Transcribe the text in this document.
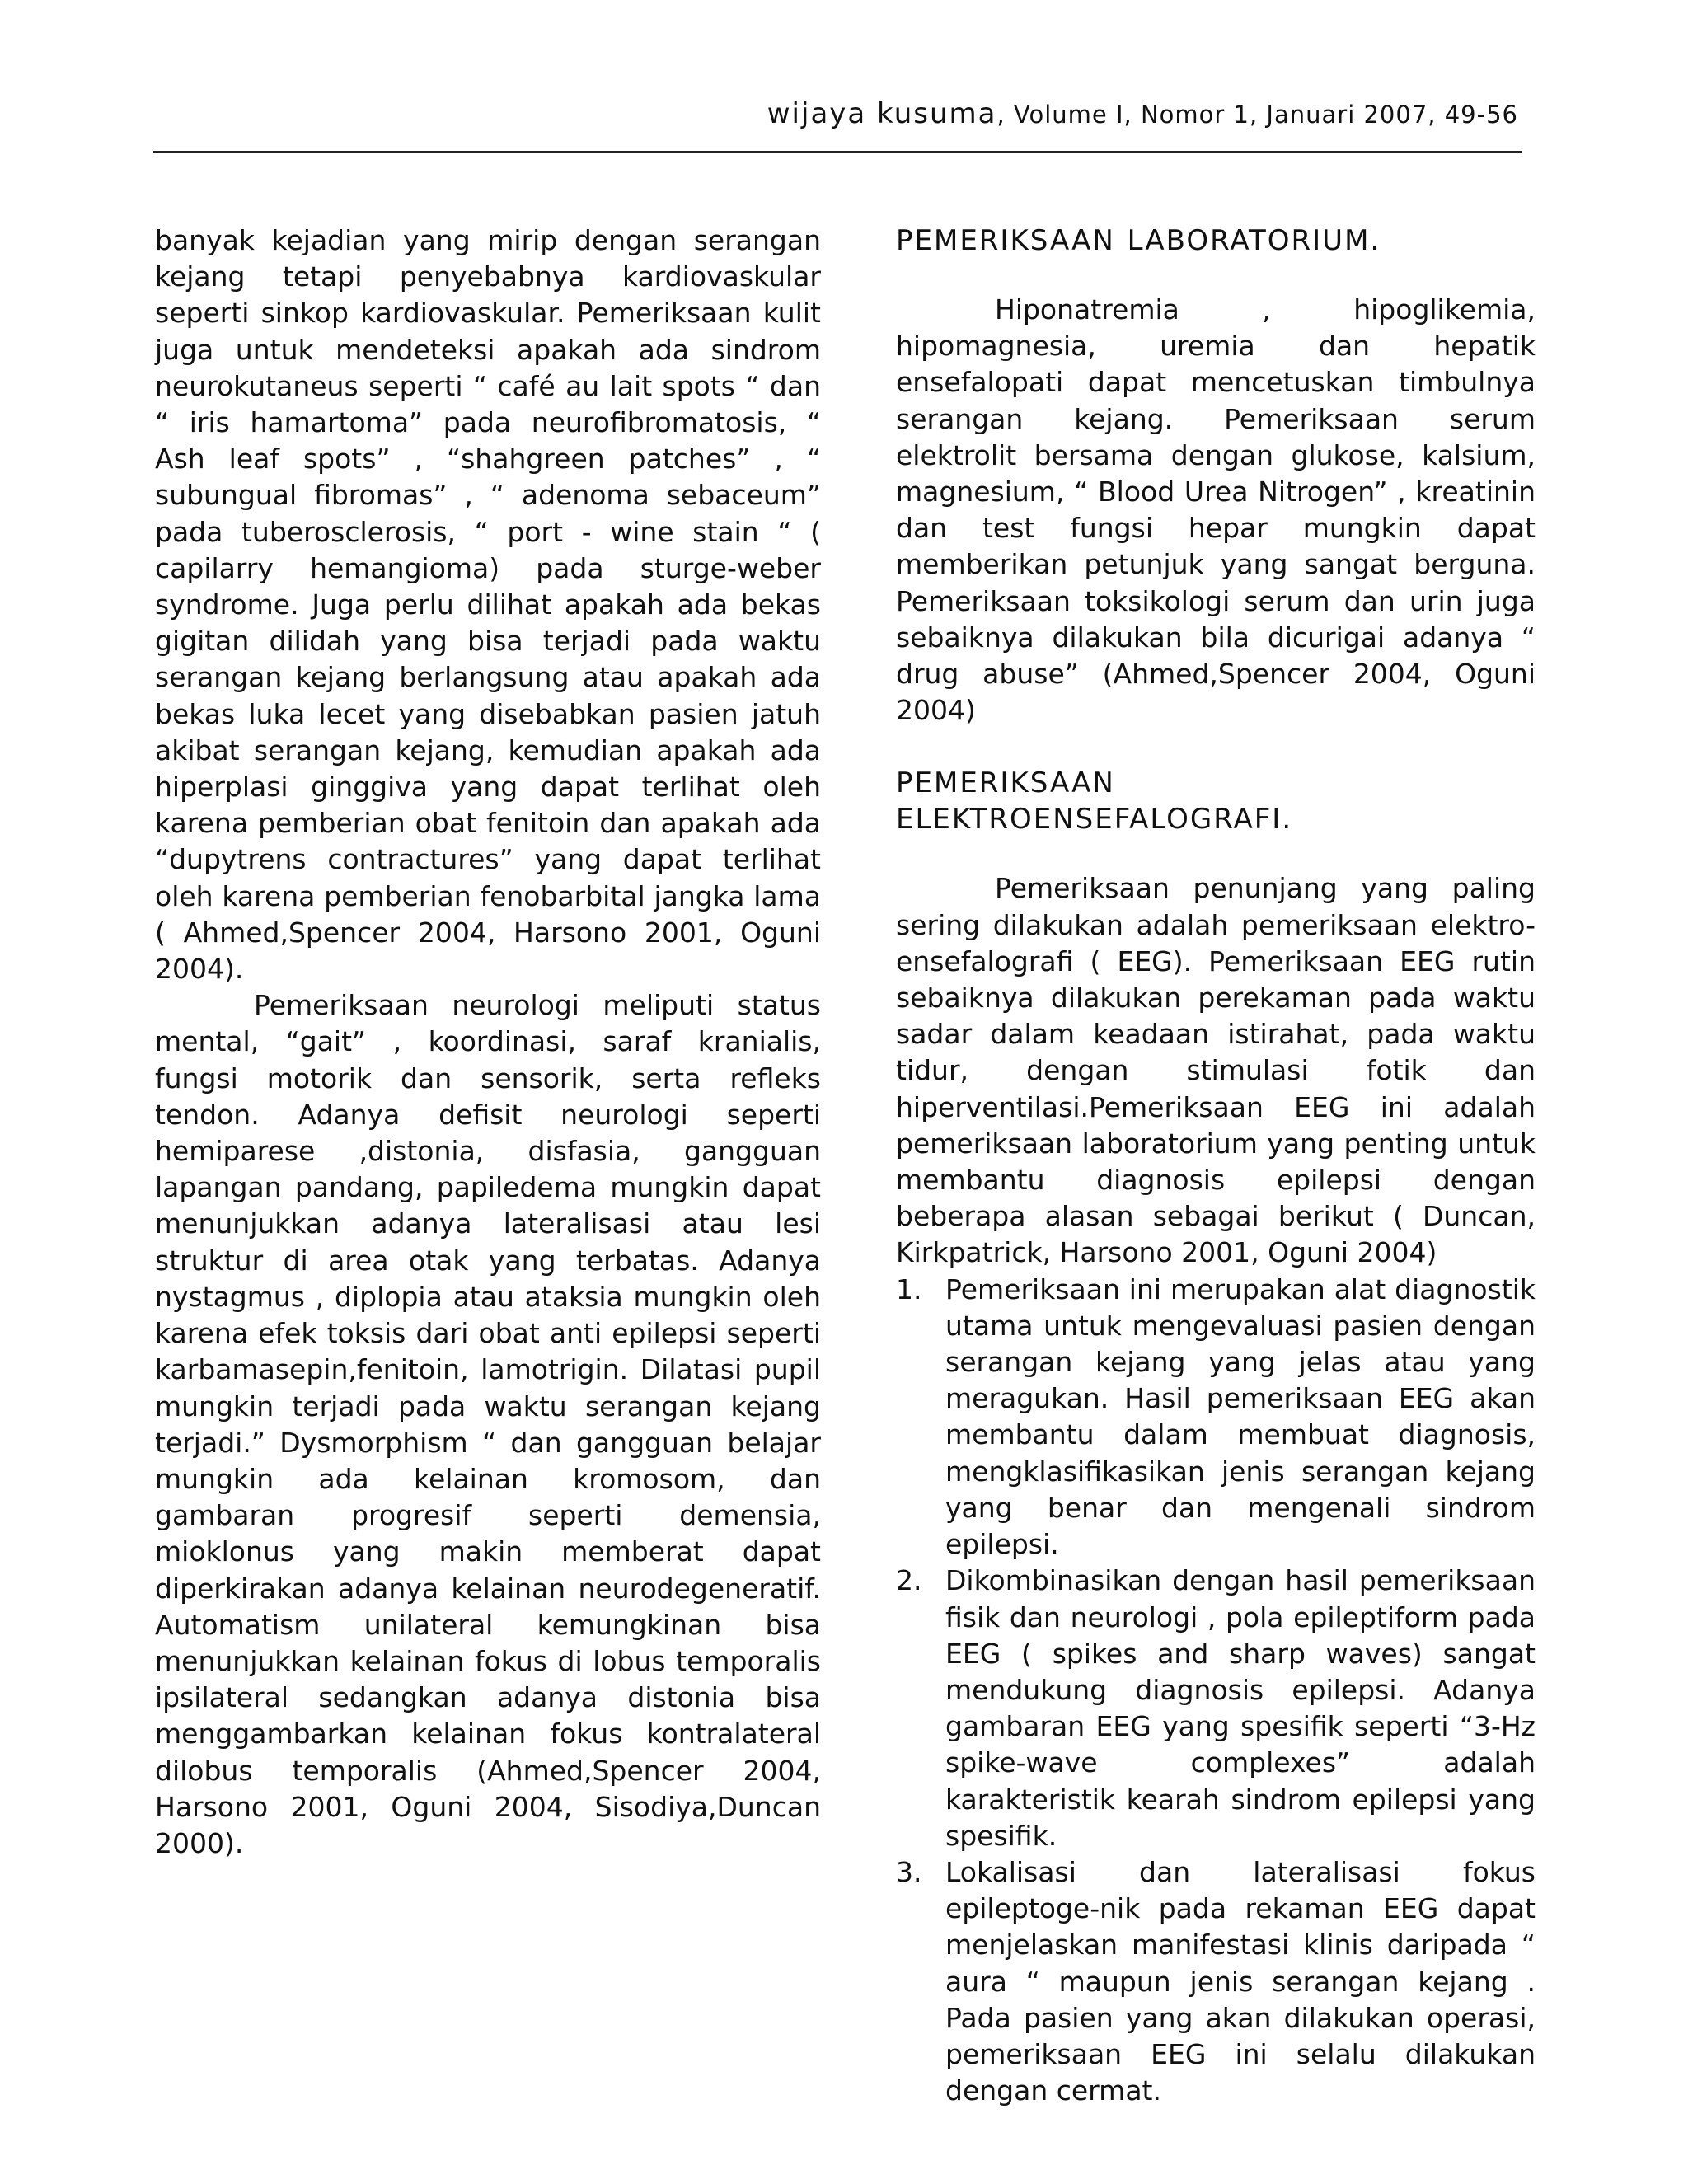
wijaya kusuma, Volume I, Nomor 1, Januari 2007, 49-56

banyak kejadian yang mirip dengan serangan kejang tetapi penyebabnya kardiovaskular seperti sinkop kardiovaskular. Pemeriksaan kulit juga untuk mendeteksi apakah ada sindrom neurokutaneus seperti “ café au lait spots “ dan “ iris hamartoma” pada neurofibromatosis, “ Ash leaf spots” , “shahgreen patches” , “ subungual fibromas” , “ adenoma sebaceum” pada tuberosclerosis, “ port - wine stain “ ( capilarry hemangioma) pada sturge-weber syndrome. Juga perlu dilihat apakah ada bekas gigitan dilidah yang bisa terjadi pada waktu serangan kejang berlangsung atau apakah ada bekas luka lecet yang disebabkan pasien jatuh akibat serangan kejang, kemudian apakah ada hiperplasi ginggiva yang dapat terlihat oleh karena pemberian obat fenitoin dan apakah ada “dupytrens contractures” yang dapat terlihat oleh karena pemberian fenobarbital jangka lama ( Ahmed,Spencer 2004, Harsono 2001, Oguni 2004).

Pemeriksaan neurologi meliputi status mental, “gait” , koordinasi, saraf kranialis, fungsi motorik dan sensorik, serta refleks tendon. Adanya defisit neurologi seperti hemiparese ,distonia, disfasia, gangguan lapangan pandang, papiledema mungkin dapat menunjukkan adanya lateralisasi atau lesi struktur di area otak yang terbatas. Adanya nystagmus , diplopia atau ataksia mungkin oleh karena efek toksis dari obat anti epilepsi seperti karbamasepin,fenitoin, lamotrigin. Dilatasi pupil mungkin terjadi pada waktu serangan kejang terjadi.” Dysmorphism “ dan gangguan belajar mungkin ada kelainan kromosom, dan gambaran progresif seperti demensia, mioklonus yang makin memberat dapat diperkirakan adanya kelainan neurodegeneratif. Automatism unilateral kemungkinan bisa menunjukkan kelainan fokus di lobus temporalis ipsilateral sedangkan adanya distonia bisa menggambarkan kelainan fokus kontralateral dilobus temporalis (Ahmed,Spencer 2004, Harsono 2001, Oguni 2004, Sisodiya,Duncan 2000).

PEMERIKSAAN LABORATORIUM.

Hiponatremia , hipoglikemia, hipomagnesia, uremia dan hepatik ensefalopati dapat mencetuskan timbulnya serangan kejang. Pemeriksaan serum elektrolit bersama dengan glukose, kalsium, magnesium, “ Blood Urea Nitrogen” , kreatinin dan test fungsi hepar mungkin dapat memberikan petunjuk yang sangat berguna. Pemeriksaan toksikologi serum dan urin juga sebaiknya dilakukan bila dicurigai adanya “ drug abuse” (Ahmed,Spencer 2004, Oguni 2004)

PEMERIKSAAN
ELEKTROENSEFALOGRAFI.

Pemeriksaan penunjang yang paling sering dilakukan adalah pemeriksaan elektro-ensefalografi ( EEG). Pemeriksaan EEG rutin sebaiknya dilakukan perekaman pada waktu sadar dalam keadaan istirahat, pada waktu tidur, dengan stimulasi fotik dan hiperventilasi.Pemeriksaan EEG ini adalah pemeriksaan laboratorium yang penting untuk membantu diagnosis epilepsi dengan beberapa alasan sebagai berikut ( Duncan, Kirkpatrick, Harsono 2001, Oguni 2004)

1. Pemeriksaan ini merupakan alat diagnostik utama untuk mengevaluasi pasien dengan serangan kejang yang jelas atau yang meragukan. Hasil pemeriksaan EEG akan membantu dalam membuat diagnosis, mengklasifikasikan jenis serangan kejang yang benar dan mengenali sindrom epilepsi.

2. Dikombinasikan dengan hasil pemeriksaan fisik dan neurologi , pola epileptiform pada EEG ( spikes and sharp waves) sangat mendukung diagnosis epilepsi. Adanya gambaran EEG yang spesifik seperti “3-Hz spike-wave complexes” adalah karakteristik kearah sindrom epilepsi yang spesifik.

3. Lokalisasi dan lateralisasi fokus epileptoge-nik pada rekaman EEG dapat menjelaskan manifestasi klinis daripada “ aura “ maupun jenis serangan kejang . Pada pasien yang akan dilakukan operasi, pemeriksaan EEG ini selalu dilakukan dengan cermat.
